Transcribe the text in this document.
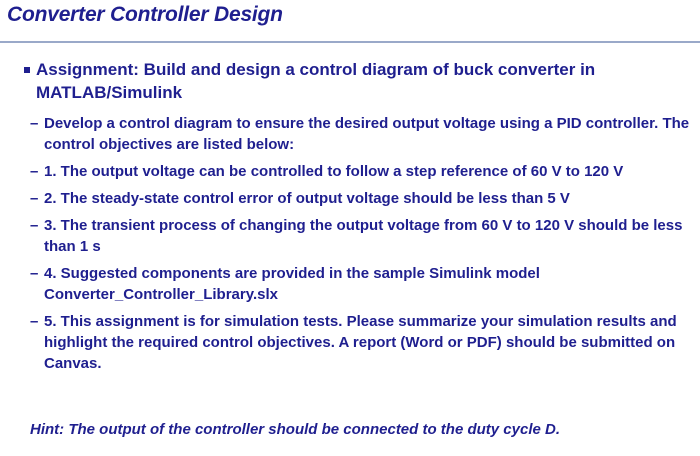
Converter Controller Design
Assignment: Build and design a control diagram of buck converter in MATLAB/Simulink
– Develop a control diagram to ensure the desired output voltage using a PID controller. The control objectives are listed below:
– 1. The output voltage can be controlled to follow a step reference of 60 V to 120 V
– 2. The steady-state control error of output voltage should be less than 5 V
– 3. The transient process of changing the output voltage from 60 V to 120 V should be less than 1 s
– 4. Suggested components are provided in the sample Simulink model Converter_Controller_Library.slx
– 5. This assignment is for simulation tests. Please summarize your simulation results and highlight the required control objectives. A report (Word or PDF) should be submitted on Canvas.
Hint: The output of the controller should be connected to the duty cycle D.
